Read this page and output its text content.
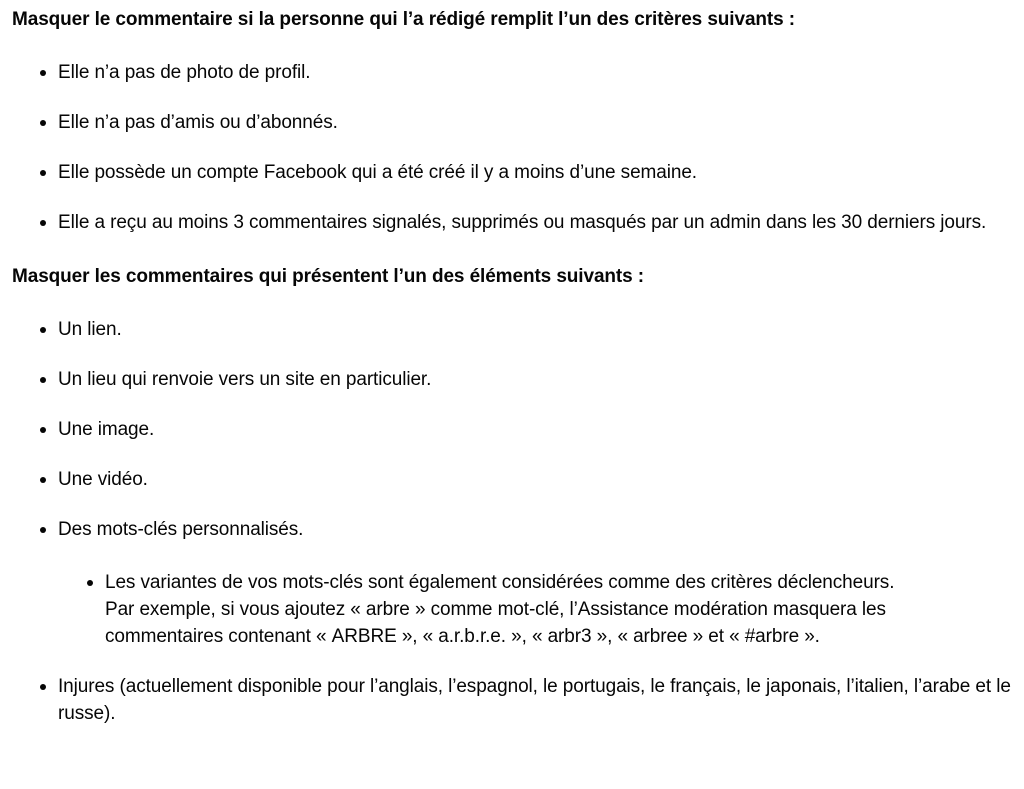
Masquer le commentaire si la personne qui l’a rédigé remplit l’un des critères suivants :

Elle n’a pas de photo de profil.
Elle n’a pas d’amis ou d’abonnés.
Elle possède un compte Facebook qui a été créé il y a moins d’une semaine.
Elle a reçu au moins 3 commentaires signalés, supprimés ou masqués par un admin dans les 30 derniers jours.

Masquer les commentaires qui présentent l’un des éléments suivants :

Un lien.
Un lieu qui renvoie vers un site en particulier.
Une image.
Une vidéo.
Des mots-clés personnalisés.
Les variantes de vos mots-clés sont également considérées comme des critères déclencheurs. Par exemple, si vous ajoutez « arbre » comme mot-clé, l’Assistance modération masquera les commentaires contenant « ARBRE », « a.r.b.r.e. », « arbr3 », « arbree » et « #arbre ».
Injures (actuellement disponible pour l’anglais, l’espagnol, le portugais, le français, le japonais, l’italien, l’arabe et le russe).
